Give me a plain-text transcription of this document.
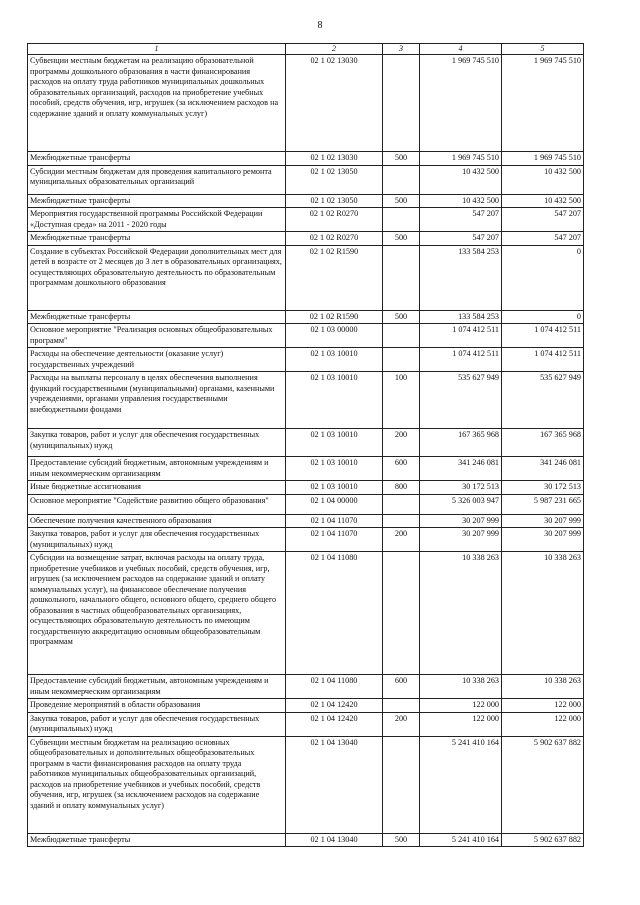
8
1	2	3	4	5
Субвенции местным бюджетам на реализацию образовательной программы дошкольного образования в части финансирования расходов на оплату труда работников муниципальных дошкольных образовательных организаций, расходов на приобретение учебных пособий, средств обучения, игр, игрушек (за исключением расходов на содержание зданий и оплату коммунальных услуг)	02 1 02 13030		1 969 745 510	1 969 745 510
Межбюджетные трансферты	02 1 02 13030	500	1 969 745 510	1 969 745 510
Субсидии местным бюджетам для проведения капитального ремонта муниципальных образовательных организаций	02 1 02 13050		10 432 500	10 432 500
Межбюджетные трансферты	02 1 02 13050	500	10 432 500	10 432 500
Мероприятия государственной программы Российской Федерации «Доступная среда» на 2011 - 2020 годы	02 1 02 R0270		547 207	547 207
Межбюджетные трансферты	02 1 02 R0270	500	547 207	547 207
Создание в субъектах Российской Федерации дополнительных мест для детей в возрасте от 2 месяцев до 3 лет в образовательных организациях, осуществляющих образовательную деятельность по образовательным программам дошкольного образования	02 1 02 R1590		133 584 253	0
Межбюджетные трансферты	02 1 02 R1590	500	133 584 253	0
Основное мероприятие "Реализация основных общеобразовательных программ"	02 1 03 00000		1 074 412 511	1 074 412 511
Расходы на обеспечение деятельности (оказание услуг) государственных учреждений	02 1 03 10010		1 074 412 511	1 074 412 511
Расходы на выплаты персоналу в целях обеспечения выполнения функций государственными (муниципальными) органами, казенными учреждениями, органами управления государственными внебюджетными фондами	02 1 03 10010	100	535 627 949	535 627 949
Закупка товаров, работ и услуг для обеспечения государственных (муниципальных) нужд	02 1 03 10010	200	167 365 968	167 365 968
Предоставление субсидий бюджетным, автономным учреждениям и иным некоммерческим организациям	02 1 03 10010	600	341 246 081	341 246 081
Иные бюджетные ассигнования	02 1 03 10010	800	30 172 513	30 172 513
Основное мероприятие "Содействие развитию общего образования"	02 1 04 00000		5 326 003 947	5 987 231 665
Обеспечение получения качественного образования	02 1 04 11070		30 207 999	30 207 999
Закупка товаров, работ и услуг для обеспечения государственных (муниципальных) нужд	02 1 04 11070	200	30 207 999	30 207 999
Субсидии на возмещение затрат, включая расходы на оплату труда, приобретение учебников и учебных пособий, средств обучения, игр, игрушек (за исключением расходов на содержание зданий и оплату коммунальных услуг), на финансовое обеспечение получения дошкольного, начального общего, основного общего, среднего общего образования в частных общеобразовательных организациях, осуществляющих образовательную деятельность по имеющим государственную аккредитацию основным общеобразовательным программам	02 1 04 11080		10 338 263	10 338 263
Предоставление субсидий бюджетным, автономным учреждениям и иным некоммерческим организациям	02 1 04 11080	600	10 338 263	10 338 263
Проведение мероприятий в области образования	02 1 04 12420		122 000	122 000
Закупка товаров, работ и услуг для обеспечения государственных (муниципальных) нужд	02 1 04 12420	200	122 000	122 000
Субвенции местным бюджетам на реализацию основных общеобразовательных и дополнительных общеобразовательных программ в части финансирования расходов на оплату труда работников муниципальных общеобразовательных организаций, расходов на приобретение учебников и учебных пособий, средств обучения, игр, игрушек (за исключением расходов на содержание зданий и оплату коммунальных услуг)	02 1 04 13040		5 241 410 164	5 902 637 882
Межбюджетные трансферты	02 1 04 13040	500	5 241 410 164	5 902 637 882
